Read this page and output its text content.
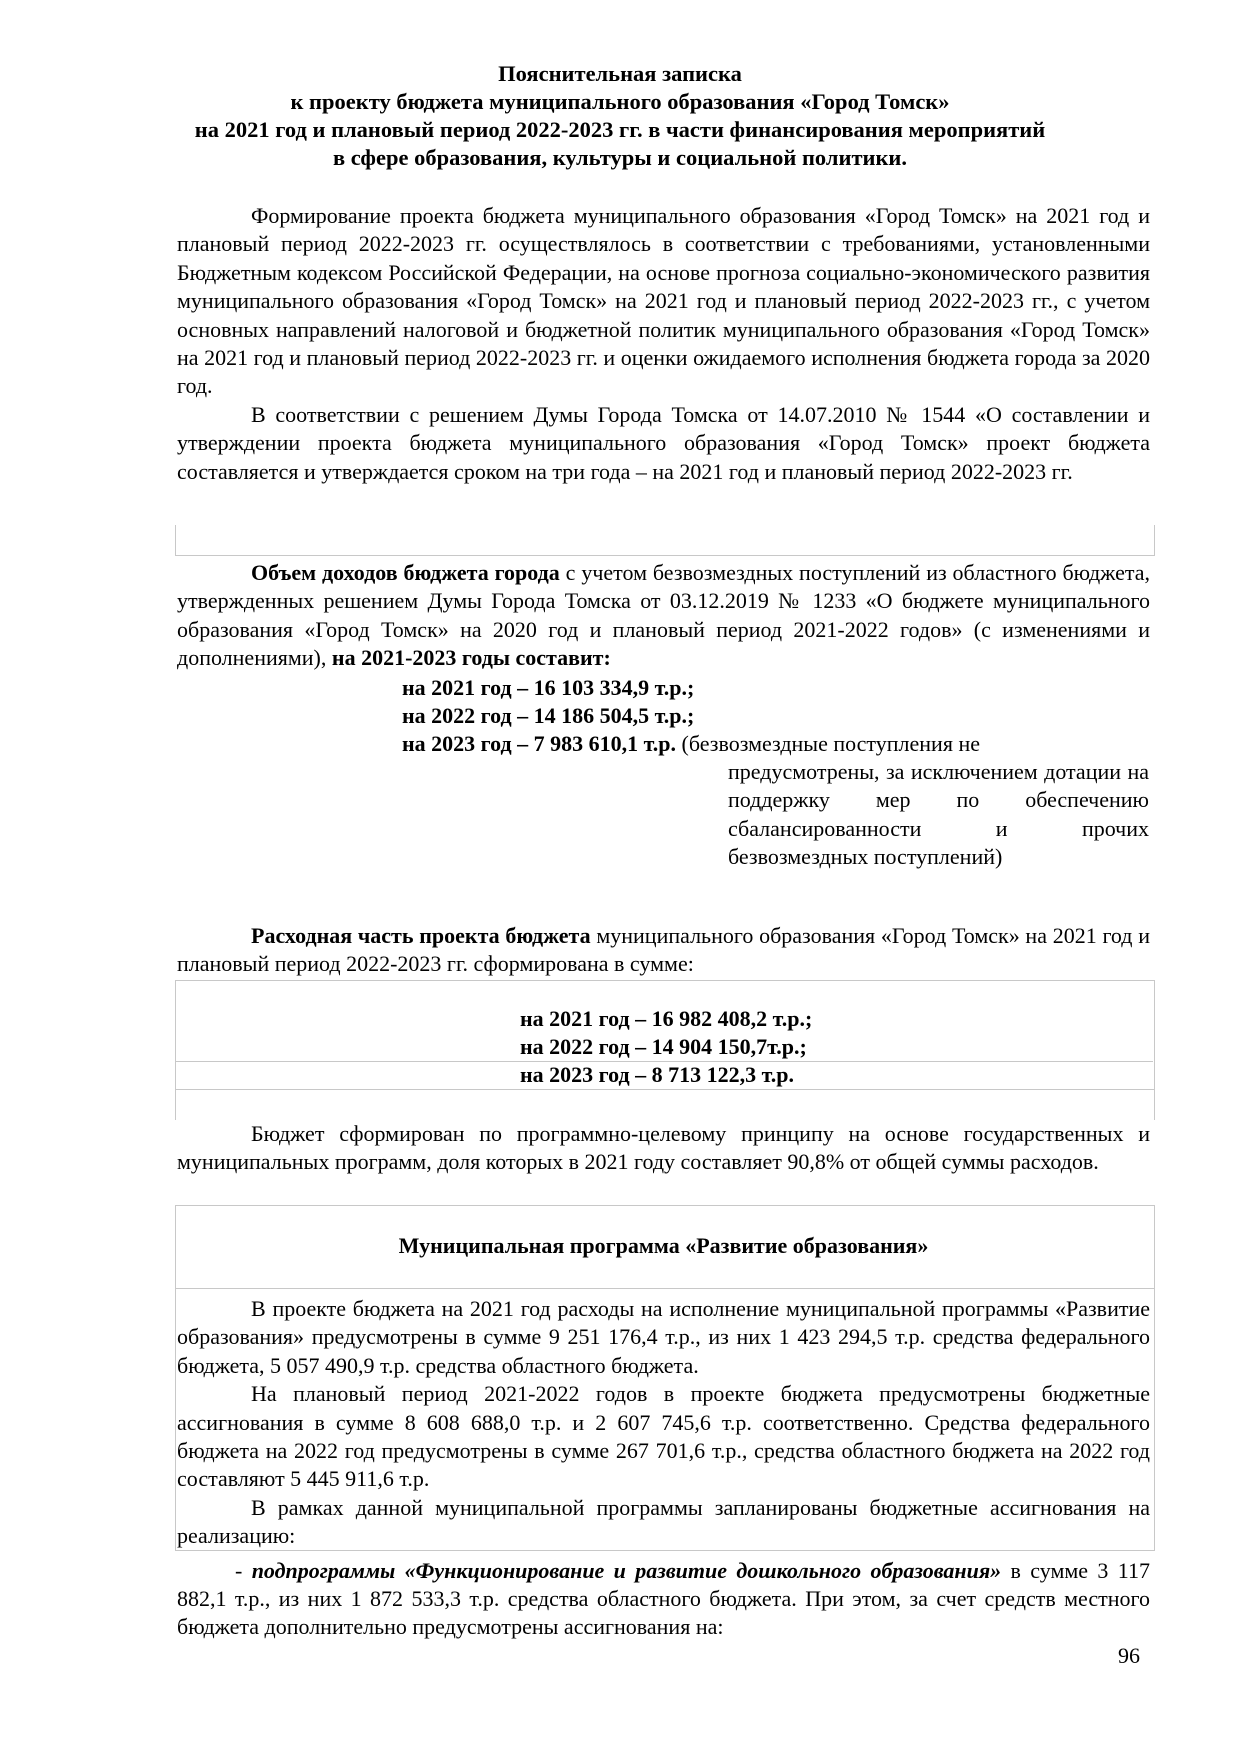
Пояснительная записка
к проекту бюджета муниципального образования «Город Томск»
на 2021 год и плановый период 2022-2023 гг. в части финансирования мероприятий
в сфере образования, культуры и социальной политики.

Формирование проекта бюджета муниципального образования «Город Томск» на 2021 год и плановый период 2022-2023 гг. осуществлялось в соответствии с требованиями, установленными Бюджетным кодексом Российской Федерации, на основе прогноза социально-экономического развития муниципального образования «Город Томск» на 2021 год и плановый период 2022-2023 гг., с учетом основных направлений налоговой и бюджетной политик муниципального образования «Город Томск» на 2021 год и плановый период 2022-2023 гг. и оценки ожидаемого исполнения бюджета города за 2020 год.

В соответствии с решением Думы Города Томска от 14.07.2010 № 1544 «О составлении и утверждении проекта бюджета муниципального образования «Город Томск» проект бюджета составляется и утверждается сроком на три года – на 2021 год и плановый период 2022-2023 гг.

Объем доходов бюджета города с учетом безвозмездных поступлений из областного бюджета, утвержденных решением Думы Города Томска от 03.12.2019 № 1233 «О бюджете муниципального образования «Город Томск» на 2020 год и плановый период 2021-2022 годов» (с изменениями и дополнениями), на 2021-2023 годы составит:

на 2021 год – 16 103 334,9 т.р.;
на 2022 год – 14 186 504,5 т.р.;
на 2023 год – 7 983 610,1 т.р. (безвозмездные поступления не

предусмотрены, за исключением дотации на поддержку мер по обеспечению сбалансированности и прочих безвозмездных поступлений)

Расходная часть проекта бюджета муниципального образования «Город Томск» на 2021 год и плановый период 2022-2023 гг. сформирована в сумме:

на 2021 год – 16 982 408,2 т.р.;
на 2022 год – 14 904 150,7т.р.;
на 2023 год – 8 713 122,3 т.р.

Бюджет сформирован по программно-целевому принципу на основе государственных и муниципальных программ, доля которых в 2021 году составляет 90,8% от общей суммы расходов.

Муниципальная программа «Развитие образования»

В проекте бюджета на 2021 год расходы на исполнение муниципальной программы «Развитие образования» предусмотрены в сумме 9 251 176,4 т.р., из них 1 423 294,5 т.р. средства федерального бюджета, 5 057 490,9 т.р. средства областного бюджета.

На плановый период 2021-2022 годов в проекте бюджета предусмотрены бюджетные ассигнования в сумме 8 608 688,0 т.р. и 2 607 745,6 т.р. соответственно. Средства федерального бюджета на 2022 год предусмотрены в сумме 267 701,6 т.р., средства областного бюджета на 2022 год составляют 5 445 911,6 т.р.

В рамках данной муниципальной программы запланированы бюджетные ассигнования на реализацию:

- подпрограммы «Функционирование и развитие дошкольного образования» в сумме 3 117 882,1 т.р., из них 1 872 533,3 т.р. средства областного бюджета. При этом, за счет средств местного бюджета дополнительно предусмотрены ассигнования на:

96
